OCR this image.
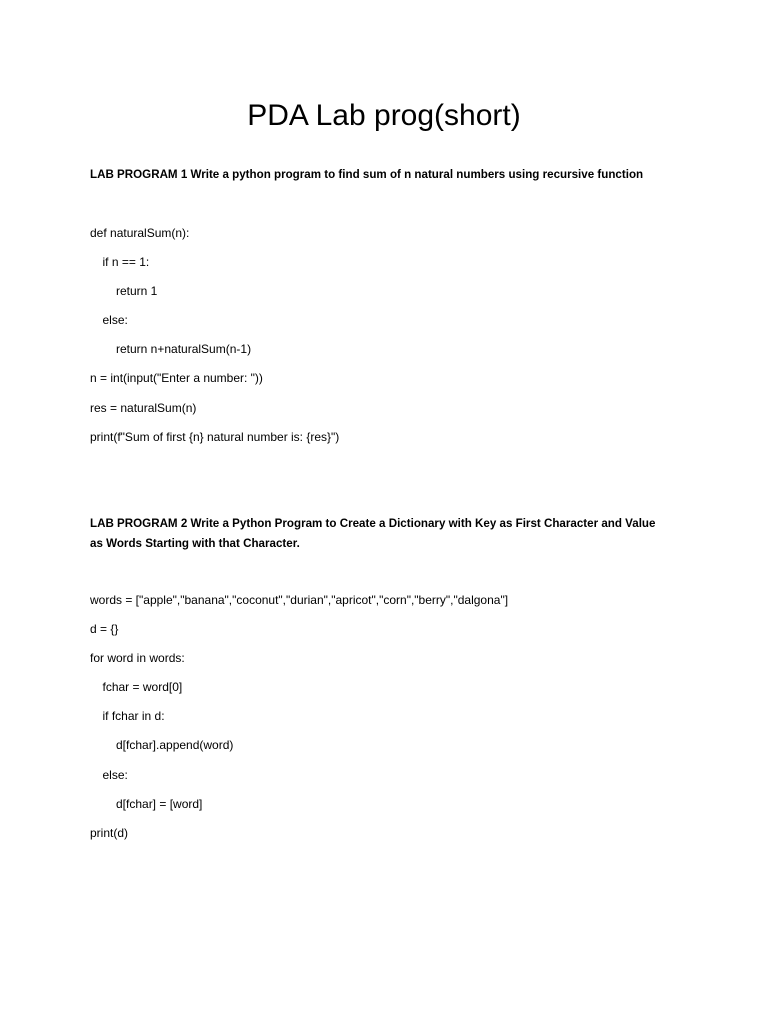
PDA Lab prog(short)

LAB PROGRAM 1 Write a python program to find sum of n natural numbers using recursive function

def naturalSum(n):
if n == 1:
return 1
else:
return n+naturalSum(n-1)
n = int(input("Enter a number: "))
res = naturalSum(n)
print(f"Sum of first {n} natural number is: {res}")
LAB PROGRAM 2 Write a Python Program to Create a Dictionary with Key as First Character and Value
as Words Starting with that Character.
words = ["apple","banana","coconut","durian","apricot","corn","berry","dalgona"]
d = {}
for word in words:
fchar = word[0]
if fchar in d:
d[fchar].append(word)
else:
d[fchar] = [word]
print(d)
